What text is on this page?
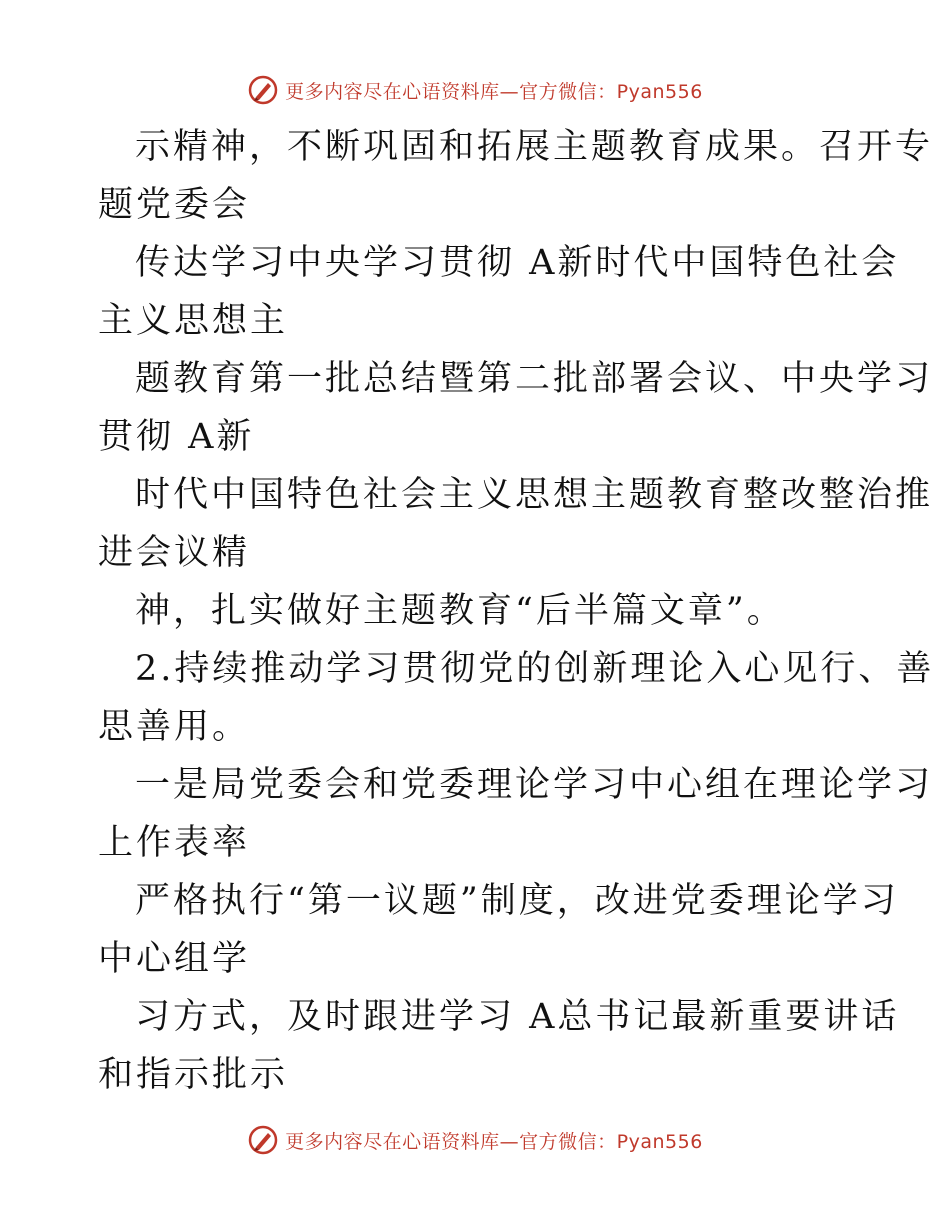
更多内容尽在心语资料库—官方微信：Pyan556
示精神，不断巩固和拓展主题教育成果。召开专
题党委会
传达学习中央学习贯彻 A新时代中国特色社会
主义思想主
题教育第一批总结暨第二批部署会议、中央学习
贯彻 A新
时代中国特色社会主义思想主题教育整改整治推
进会议精
神，扎实做好主题教育“后半篇文章”。
2.持续推动学习贯彻党的创新理论入心见行、善
思善用。
一是局党委会和党委理论学习中心组在理论学习
上作表率
严格执行“第一议题”制度，改进党委理论学习
中心组学
习方式，及时跟进学习 A总书记最新重要讲话
和指示批示
更多内容尽在心语资料库—官方微信：Pyan556
